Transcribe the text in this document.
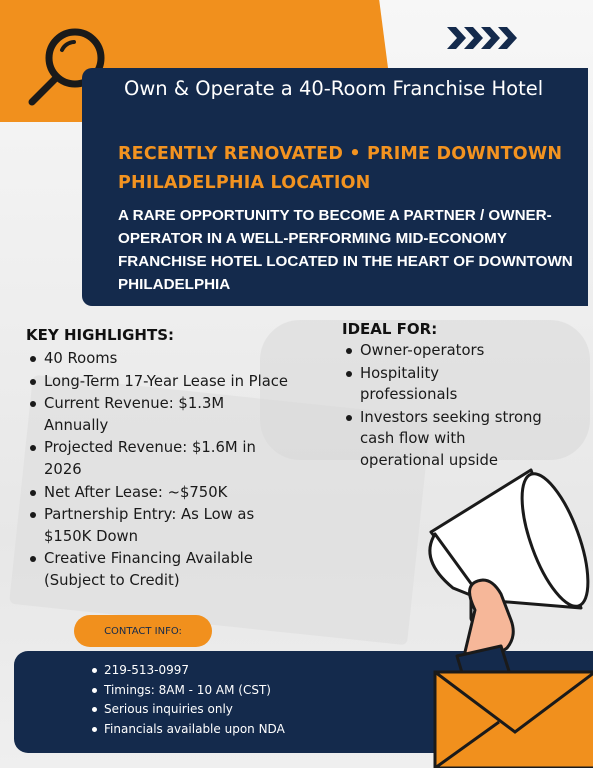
Own & Operate a 40-Room Franchise Hotel
RECENTLY RENOVATED • PRIME DOWNTOWN PHILADELPHIA LOCATION
A RARE OPPORTUNITY TO BECOME A PARTNER / OWNER-OPERATOR IN A WELL-PERFORMING MID-ECONOMY FRANCHISE HOTEL LOCATED IN THE HEART OF DOWNTOWN PHILADELPHIA
KEY HIGHLIGHTS:
40 Rooms
Long-Term 17-Year Lease in Place
Current Revenue: $1.3M Annually
Projected Revenue: $1.6M in 2026
Net After Lease: ~$750K
Partnership Entry: As Low as $150K Down
Creative Financing Available (Subject to Credit)
IDEAL FOR:
Owner-operators
Hospitality professionals
Investors seeking strong cash flow with operational upside
CONTACT INFO:
219-513-0997
Timings: 8AM - 10 AM (CST)
Serious inquiries only
Financials available upon NDA
